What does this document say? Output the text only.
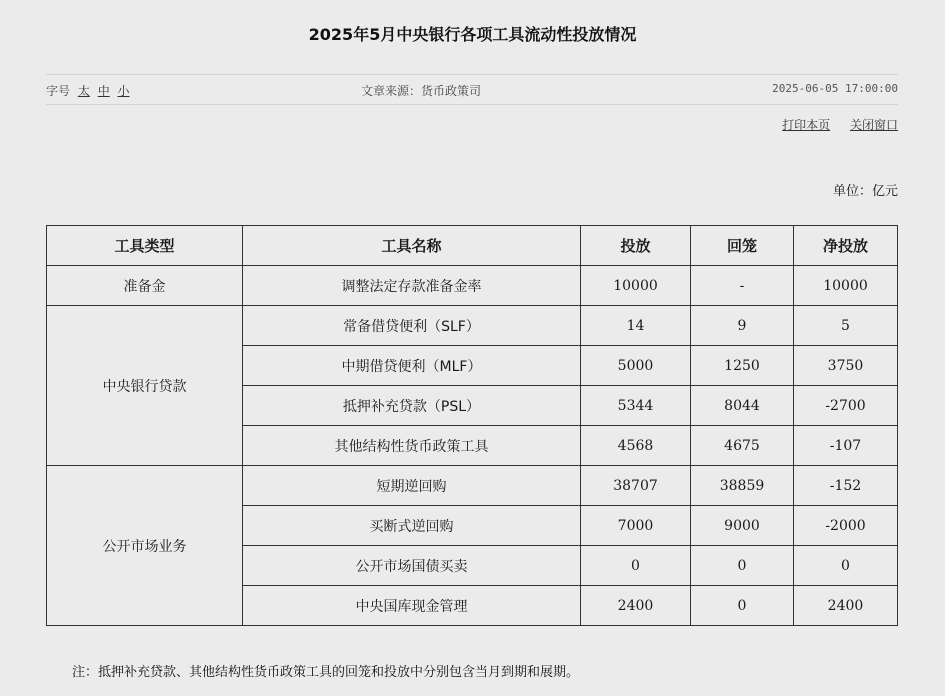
2025年5月中央银行各项工具流动性投放情况
字号 太 中 小	文章来源：货币政策司	2025-06-05 17:00:00
打印本页 关闭窗口
单位：亿元
工具类型	工具名称	投放	回笼	净投放
准备金	调整法定存款准备金率	10000	-	10000
中央银行贷款	常备借贷便利（SLF）	14	9	5
	中期借贷便利（MLF）	5000	1250	3750
	抵押补充贷款（PSL）	5344	8044	-2700
	其他结构性货币政策工具	4568	4675	-107
公开市场业务	短期逆回购	38707	38859	-152
	买断式逆回购	7000	9000	-2000
	公开市场国债买卖	0	0	0
	中央国库现金管理	2400	0	2400
注：抵押补充贷款、其他结构性货币政策工具的回笼和投放中分别包含当月到期和展期。
